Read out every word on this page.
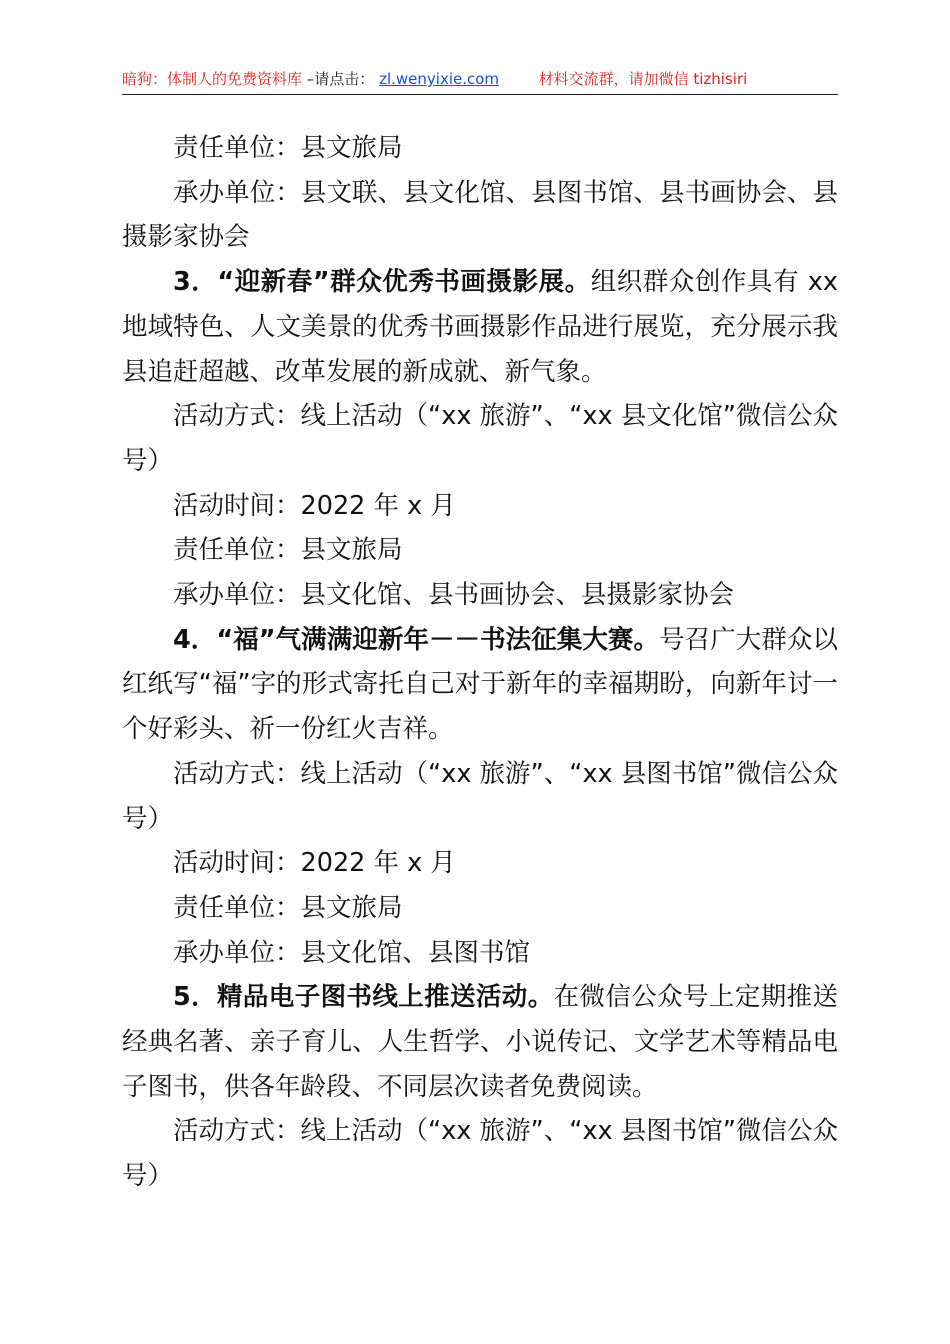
暗狗：体制人的免费资料库 –请点击： zl.wenyixie.com	材料交流群，请加微信 tizhisiri

责任单位：县文旅局

承办单位：县文联、县文化馆、县图书馆、县书画协会、县摄影家协会

3．“迎新春”群众优秀书画摄影展。组织群众创作具有 xx 地域特色、人文美景的优秀书画摄影作品进行展览，充分展示我县追赶超越、改革发展的新成就、新气象。

活动方式：线上活动（“xx 旅游”、“xx 县文化馆”微信公众号）

活动时间：2022 年 x 月

责任单位：县文旅局

承办单位：县文化馆、县书画协会、县摄影家协会

4．“福”气满满迎新年－－书法征集大赛。号召广大群众以红纸写“福”字的形式寄托自己对于新年的幸福期盼，向新年讨一个好彩头、祈一份红火吉祥。

活动方式：线上活动（“xx 旅游”、“xx 县图书馆”微信公众号）

活动时间：2022 年 x 月

责任单位：县文旅局

承办单位：县文化馆、县图书馆

5．精品电子图书线上推送活动。在微信公众号上定期推送经典名著、亲子育儿、人生哲学、小说传记、文学艺术等精品电子图书，供各年龄段、不同层次读者免费阅读。

活动方式：线上活动（“xx 旅游”、“xx 县图书馆”微信公众号）
